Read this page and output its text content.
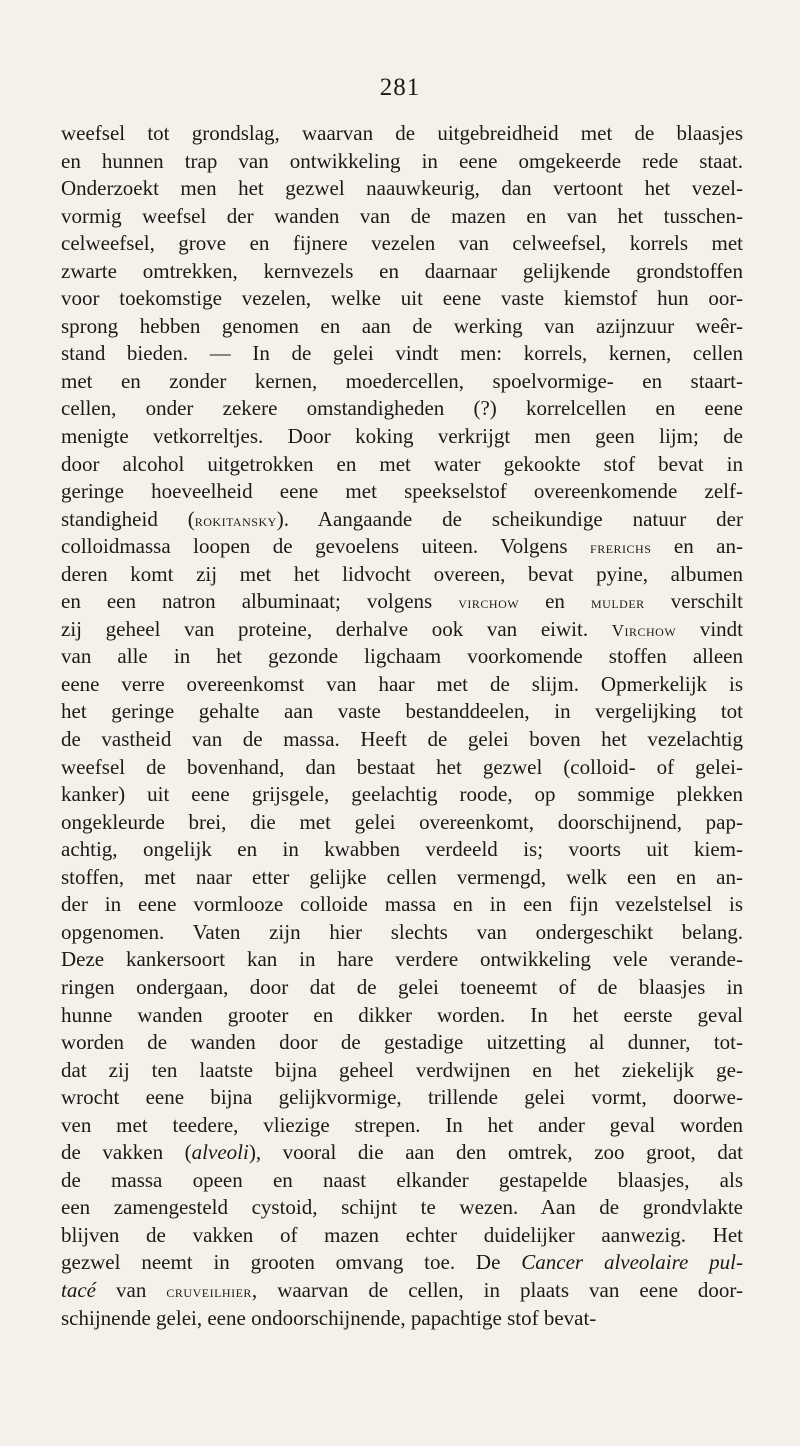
281
weefsel tot grondslag, waarvan de uitgebreidheid met de blaasjes
en hunnen trap van ontwikkeling in eene omgekeerde rede staat.
Onderzoekt men het gezwel naauwkeurig, dan vertoont het vezel-
vormig weefsel der wanden van de mazen en van het tusschen-
celweefsel, grove en fijnere vezelen van celweefsel, korrels met
zwarte omtrekken, kernvezels en daarnaar gelijkende grondstoffen
voor toekomstige vezelen, welke uit eene vaste kiemstof hun oor-
sprong hebben genomen en aan de werking van azijnzuur weêr-
stand bieden. — In de gelei vindt men: korrels, kernen, cellen
met en zonder kernen, moedercellen, spoelvormige- en staart-
cellen, onder zekere omstandigheden (?) korrelcellen en eene
menigte vetkorreltjes. Door koking verkrijgt men geen lijm; de
door alcohol uitgetrokken en met water gekookte stof bevat in
geringe hoeveelheid eene met speekselstof overeenkomende zelf-
standigheid (rokitansky). Aangaande de scheikundige natuur der
colloidmassa loopen de gevoelens uiteen. Volgens frerichs en an-
deren komt zij met het lidvocht overeen, bevat pyine, albumen
en een natron albuminaat; volgens virchow en mulder verschilt
zij geheel van proteine, derhalve ook van eiwit. Virchow vindt
van alle in het gezonde ligchaam voorkomende stoffen alleen
eene verre overeenkomst van haar met de slijm. Opmerkelijk is
het geringe gehalte aan vaste bestanddeelen, in vergelijking tot
de vastheid van de massa. Heeft de gelei boven het vezelachtig
weefsel de bovenhand, dan bestaat het gezwel (colloid- of gelei-
kanker) uit eene grijsgele, geelachtig roode, op sommige plekken
ongekleurde brei, die met gelei overeenkomt, doorschijnend, pap-
achtig, ongelijk en in kwabben verdeeld is; voorts uit kiem-
stoffen, met naar etter gelijke cellen vermengd, welk een en an-
der in eene vormlooze colloide massa en in een fijn vezelstelsel is
opgenomen. Vaten zijn hier slechts van ondergeschikt belang.
Deze kankersoort kan in hare verdere ontwikkeling vele verande-
ringen ondergaan, door dat de gelei toeneemt of de blaasjes in
hunne wanden grooter en dikker worden. In het eerste geval
worden de wanden door de gestadige uitzetting al dunner, tot-
dat zij ten laatste bijna geheel verdwijnen en het ziekelijk ge-
wrocht eene bijna gelijkvormige, trillende gelei vormt, doorwe-
ven met teedere, vliezige strepen. In het ander geval worden
de vakken (alveoli), vooral die aan den omtrek, zoo groot, dat
de massa opeen en naast elkander gestapelde blaasjes, als
een zamengesteld cystoid, schijnt te wezen. Aan de grondvlakte
blijven de vakken of mazen echter duidelijker aanwezig. Het
gezwel neemt in grooten omvang toe. De Cancer alveolaire pul-
tacé van cruveilhier, waarvan de cellen, in plaats van eene door-
schijnende gelei, eene ondoorschijnende, papachtige stof bevat-
